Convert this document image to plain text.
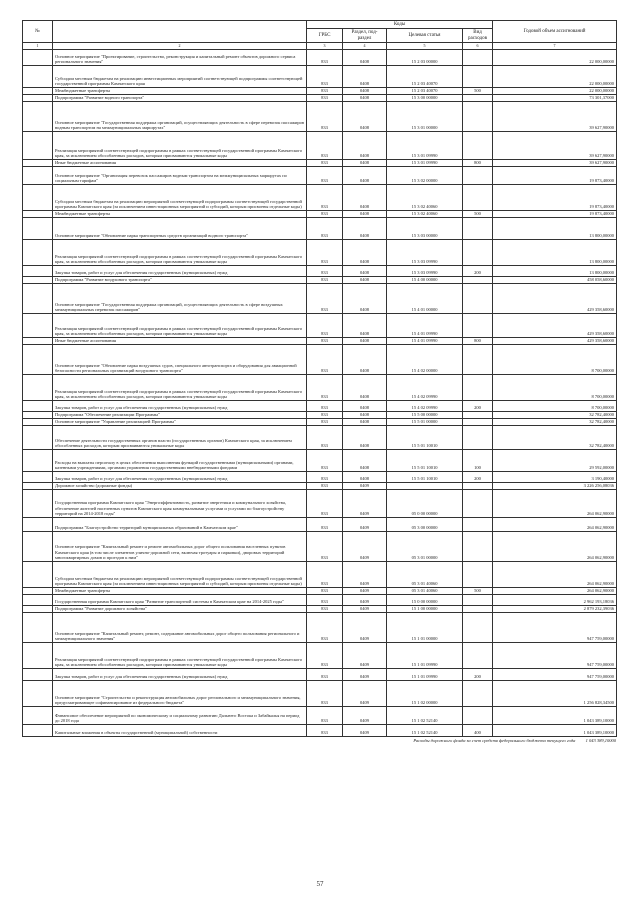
№		Коды				Годовой объем ассигнований
		ГРБС	Раздел, под-раздел	Целевая статья	Вид расходов	
1	2	3	4	5	6	7
	Основное мероприятие "Проектирование, строительство, реконструкция и капитальный ремонт объектов дорожного сервиса регионального значения"	833	0408	15 2 03 00000		22 000,00000
	Субсидии местным бюджетам на реализацию инвестиционных мероприятий соответствующей подпрограммы соответствующей государственной программы Камчатского края	833	0408	15 2 03 40070		22 000,00000
	Межбюджетные трансферты	833	0408	15 2 03 40070	500	22 000,00000
	Подпрограмма "Развитие водного транспорта"	833	0408	15 3 00 00000		73 301,37000
	Основное мероприятие "Государственная поддержка организаций, осуществляющих деятельность в сфере перевозок пассажиров водным транспортом на межмуниципальных маршрутах"	833	0408	15 3 01 00000		39 627,90000
	Реализация мероприятий соответствующей подпрограммы в рамках соответствующей государственной программы Камчатского края, за исключением обособленных расходов, которым присваиваются уникальные коды	833	0408	15 3 01 09990		39 627,90000
	Иные бюджетные ассигнования	833	0408	15 3 01 09990	800	39 627,90000
	Основное мероприятие "Организация перевозок пассажиров водным транспортом на межмуниципальных маршрутах по социальным тарифам"	833	0408	15 3 02 00000		19 873,40000
	Субсидии местным бюджетам на реализацию мероприятий соответствующей подпрограммы соответствующей государственной программы Камчатского края (за исключением инвестиционных мероприятий и субсидий, которым присвоены отдельные коды)	833	0408	15 3 02 40060		19 873,40000
	Межбюджетные трансферты	833	0408	15 3 02 40060	500	19 873,40000
	Основное мероприятие "Обновление парка транспортных средств организаций водного транспорта"	833	0408	15 3 03 00000		13 800,00000
	Реализация мероприятий соответствующей подпрограммы в рамках соответствующей государственной программы Камчатского края, за исключением обособленных расходов, которым присваиваются уникальные коды	833	0408	15 3 03 09990		13 800,00000
	Закупка товаров, работ и услуг для обеспечения государственных (муниципальных) нужд	833	0408	15 3 03 09990	200	13 800,00000
	Подпрограмма "Развитие воздушного транспорта"	833	0408	15 4 00 00000		458 058,60000
	Основное мероприятие "Государственная поддержка организаций, осуществляющих деятельность в сфере воздушных межмуниципальных перевозок пассажиров"	833	0408	15 4 01 00000		429 358,60000
	Реализация мероприятий соответствующей подпрограммы в рамках соответствующей государственной программы Камчатского края, за исключением обособленных расходов, которым присваиваются уникальные коды	833	0408	15 4 01 09990		429 358,60000
	Иные бюджетные ассигнования	833	0408	15 4 01 09990	800	429 358,60000
	Основное мероприятие "Обновление парка воздушных судов, специального автотранспорта и оборудования для авиационной безопасности региональных организаций воздушного транспорта"	833	0408	15 4 02 00000		8 700,00000
	Реализация мероприятий соответствующей подпрограммы в рамках соответствующей государственной программы Камчатского края, за исключением обособленных расходов, которым присваиваются уникальные коды	833	0408	15 4 02 09990		8 700,00000
	Закупка товаров, работ и услуг для обеспечения государственных (муниципальных) нужд	833	0408	15 4 02 09990	200	8 700,00000
	Подпрограмма "Обеспечение реализации Программы"	833	0408	15 5 00 00000		32 782,40000
	Основное мероприятие "Управление реализацией Программы"	833	0408	15 5 01 00000		32 782,40000
	Обеспечение деятельности государственных органов власти (государственных органов) Камчатского края, за исключением обособленных расходов, которым присваиваются уникальные коды	833	0408	15 5 01 10010		32 782,40000
	Расходы на выплаты персоналу в целях обеспечения выполнения функций государственными (муниципальными) органами, казенными учреждениями, органами управления государственными внебюджетными фондами	833	0408	15 5 01 10010	100	29 592,00000
	Закупка товаров, работ и услуг для обеспечения государственных (муниципальных) нужд	833	0408	15 5 01 10010	200	3 190,40000
	Дорожное хозяйство (дорожные фонды)	833	0409			3 226 256,08036
	Государственная программа Камчатского края "Энергоэффективность, развитие энергетики и коммунального хозяйства, обеспечение жителей населенных пунктов Камчатского края коммунальными услугами и услугами по благоустройству территорий на 2014-2018 годы"	833	0409	05 0 00 00000		264 062,90000
	Подпрограмма "Благоустройство территорий муниципальных образований в Камчатском крае"	833	0409	05 3 00 00000		264 062,90000
	Основное мероприятие "Капитальный ремонт и ремонт автомобильных дорог общего пользования населенных пунктов Камчатского края (в том числе элементов улично-дорожной сети, включая тротуары и парковки), дворовых территорий многоквартирных домов и проездов к ним"	833	0409	05 3 01 00000		264 062,90000
	Субсидии местным бюджетам на реализацию мероприятий соответствующей подпрограммы соответствующей государственной программы Камчатского края (за исключением инвестиционных мероприятий и субсидий, которым присвоены отдельные коды)	833	0409	05 3 01 40060		264 062,90000
	Межбюджетные трансферты	833	0409	05 3 01 40060	500	264 062,90000
	Государственная программа Камчатского края "Развитие транспортной системы в Камчатском крае на 2014-2025 годы"	833	0409	15 0 00 00000		2 962 193,18036
	Подпрограмма "Развитие дорожного хозяйства"	833	0409	15 1 00 00000		2 879 232,39036
	Основное мероприятие "Капитальный ремонт, ремонт, содержание автомобильных дорог общего пользования регионального и межмуниципального значения"	833	0409	15 1 01 00000		947 759,00000
	Реализация мероприятий соответствующей подпрограммы в рамках соответствующей государственной программы Камчатского края, за исключением обособленных расходов, которым присваиваются уникальные коды	833	0409	15 1 01 09990		947 759,00000
	Закупка товаров, работ и услуг для обеспечения государственных (муниципальных) нужд	833	0409	15 1 01 09990	200	947 759,00000
	Основное мероприятие "Строительство и реконструкция автомобильных дорог регионального и межмуниципального значения, предусматривающее софинансирование из федерального бюджета"	833	0409	15 1 02 00000		1 256 828,34500
	Финансовое обеспечение мероприятий по экономическому и социальному развитию Дальнего Востока и Забайкалья на период до 2018 года	833	0409	15 1 02 52140		1 043 389,10000
	Капитальные вложения в объекты государственной (муниципальной) собственности	833	0409	15 1 02 52140	400	1 043 389,10000
Расходы дорожного фонда за счет средств федерального бюджета текущего года 1 043 389,10000
57
